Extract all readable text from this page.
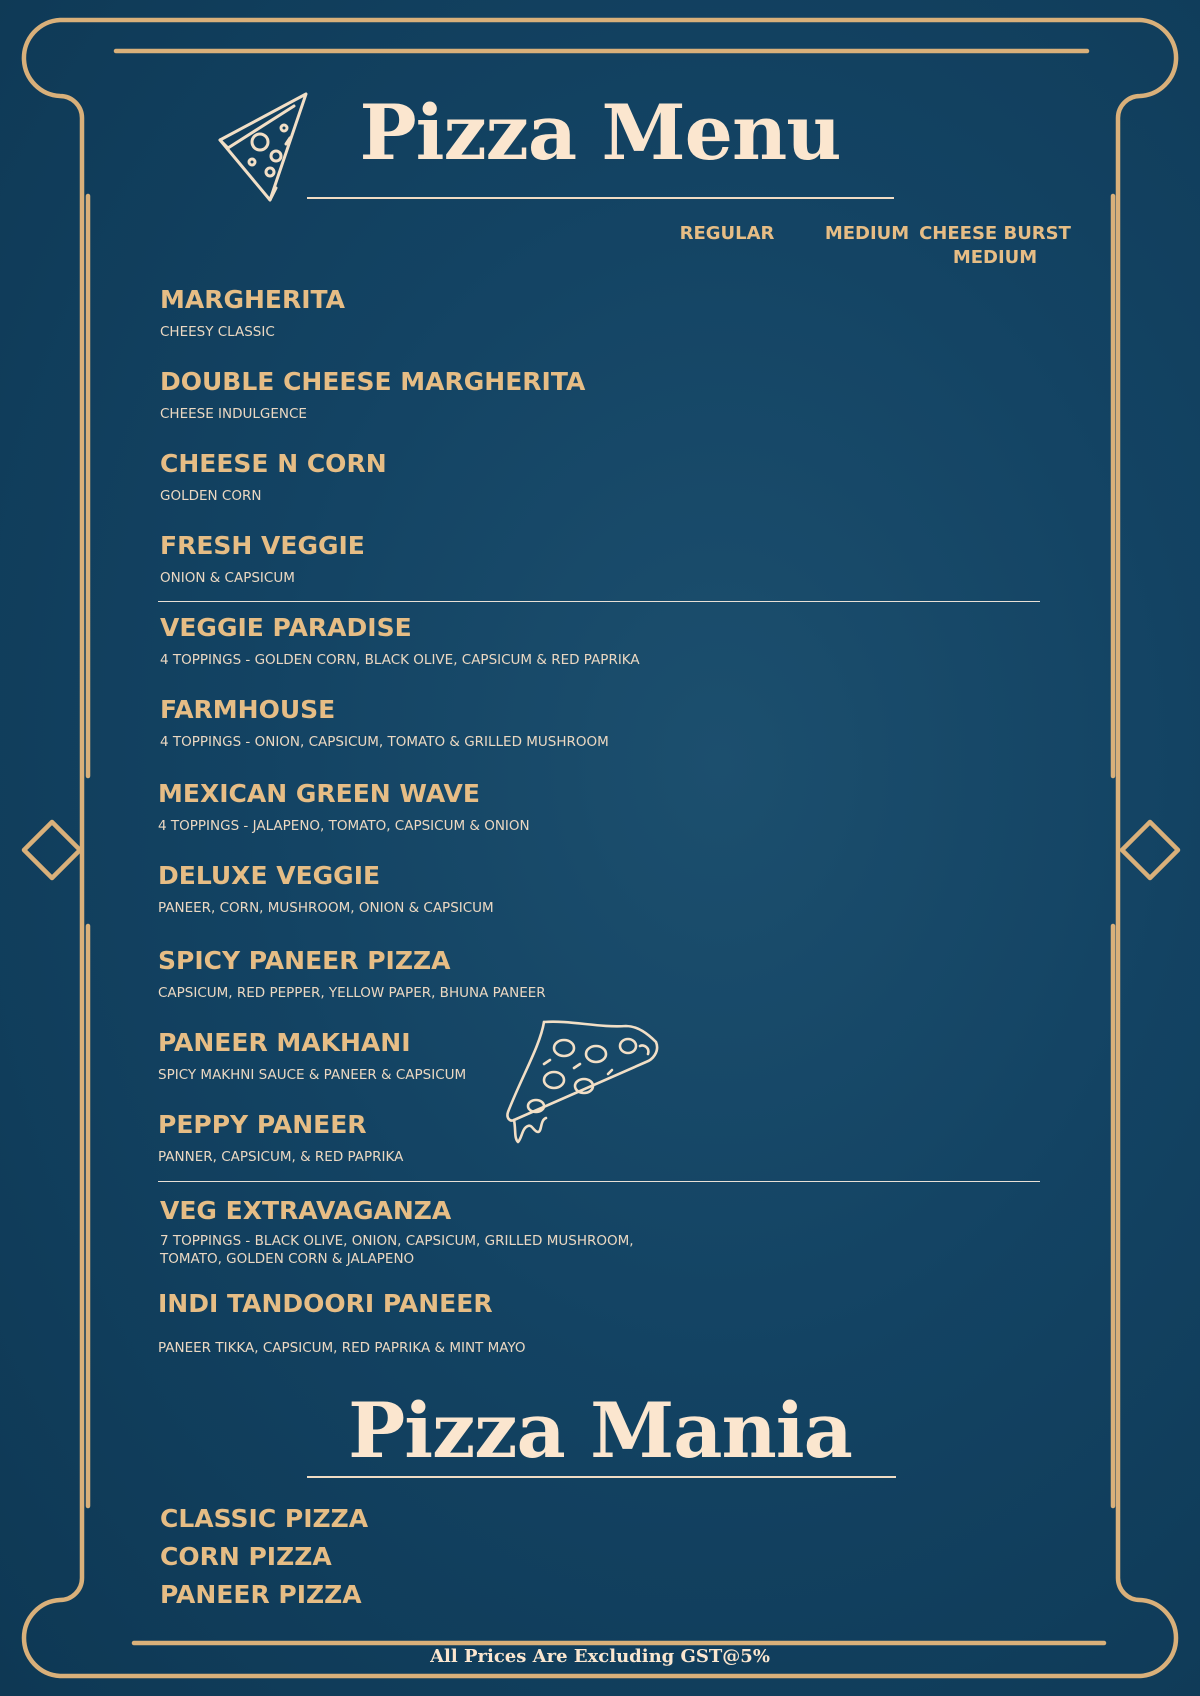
Pizza Menu
REGULAR	MEDIUM CHEESE BURST
MEDIUM
MARGHERITA
CHEESY CLASSIC
DOUBLE CHEESE MARGHERITA
CHEESE INDULGENCE
CHEESE N CORN
GOLDEN CORN
FRESH VEGGIE
ONION & CAPSICUM
VEGGIE PARADISE
4 TOPPINGS - GOLDEN CORN, BLACK OLIVE, CAPSICUM & RED PAPRIKA
FARMHOUSE
4 TOPPINGS - ONION, CAPSICUM, TOMATO & GRILLED MUSHROOM
MEXICAN GREEN WAVE
4 TOPPINGS - JALAPENO, TOMATO, CAPSICUM & ONION
DELUXE VEGGIE
PANEER, CORN, MUSHROOM, ONION & CAPSICUM
SPICY PANEER PIZZA
CAPSICUM, RED PEPPER, YELLOW PAPER, BHUNA PANEER
PANEER MAKHANI
SPICY MAKHNI SAUCE & PANEER & CAPSICUM
PEPPY PANEER
PANNER, CAPSICUM, & RED PAPRIKA
VEG EXTRAVAGANZA
7 TOPPINGS - BLACK OLIVE, ONION, CAPSICUM, GRILLED MUSHROOM,
TOMATO, GOLDEN CORN & JALAPENO
INDI TANDOORI PANEER
PANEER TIKKA, CAPSICUM, RED PAPRIKA & MINT MAYO
Pizza Mania
CLASSIC PIZZA
CORN PIZZA
PANEER PIZZA
All Prices Are Excluding GST@5%
